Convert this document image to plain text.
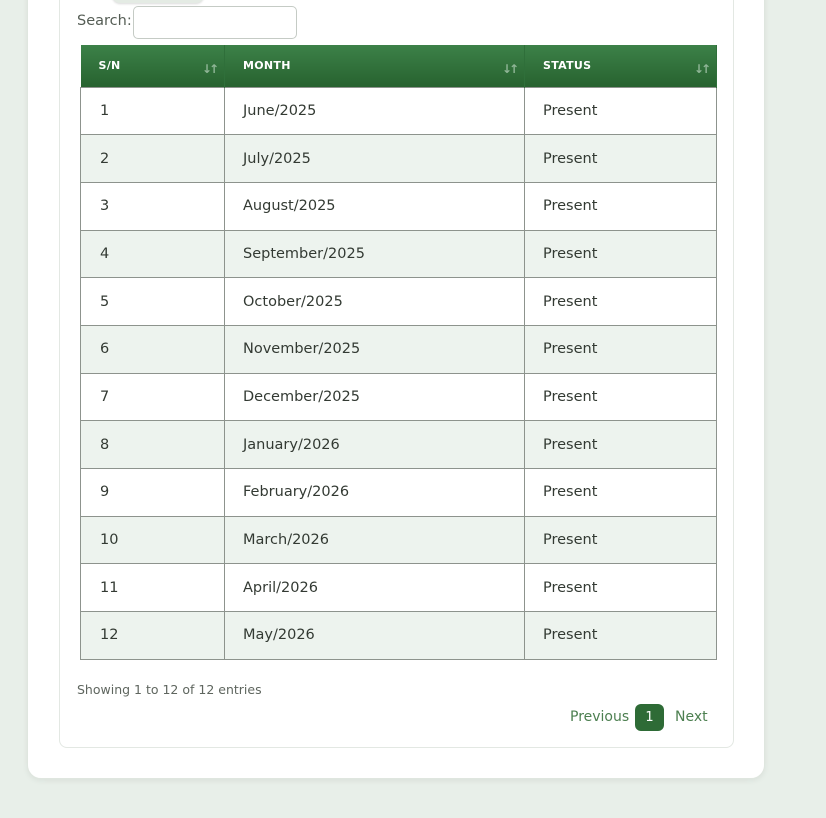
Search:
S/N ↓↑	MONTH ↓↑	STATUS ↓↑

1	June/2025	Present
2	July/2025	Present
3	August/2025	Present
4	September/2025	Present
5	October/2025	Present
6	November/2025	Present
7	December/2025	Present
8	January/2026	Present
9	February/2026	Present
10	March/2026	Present
11	April/2026	Present
12	May/2026	Present
Showing 1 to 12 of 12 entries
Previous	1	Next
